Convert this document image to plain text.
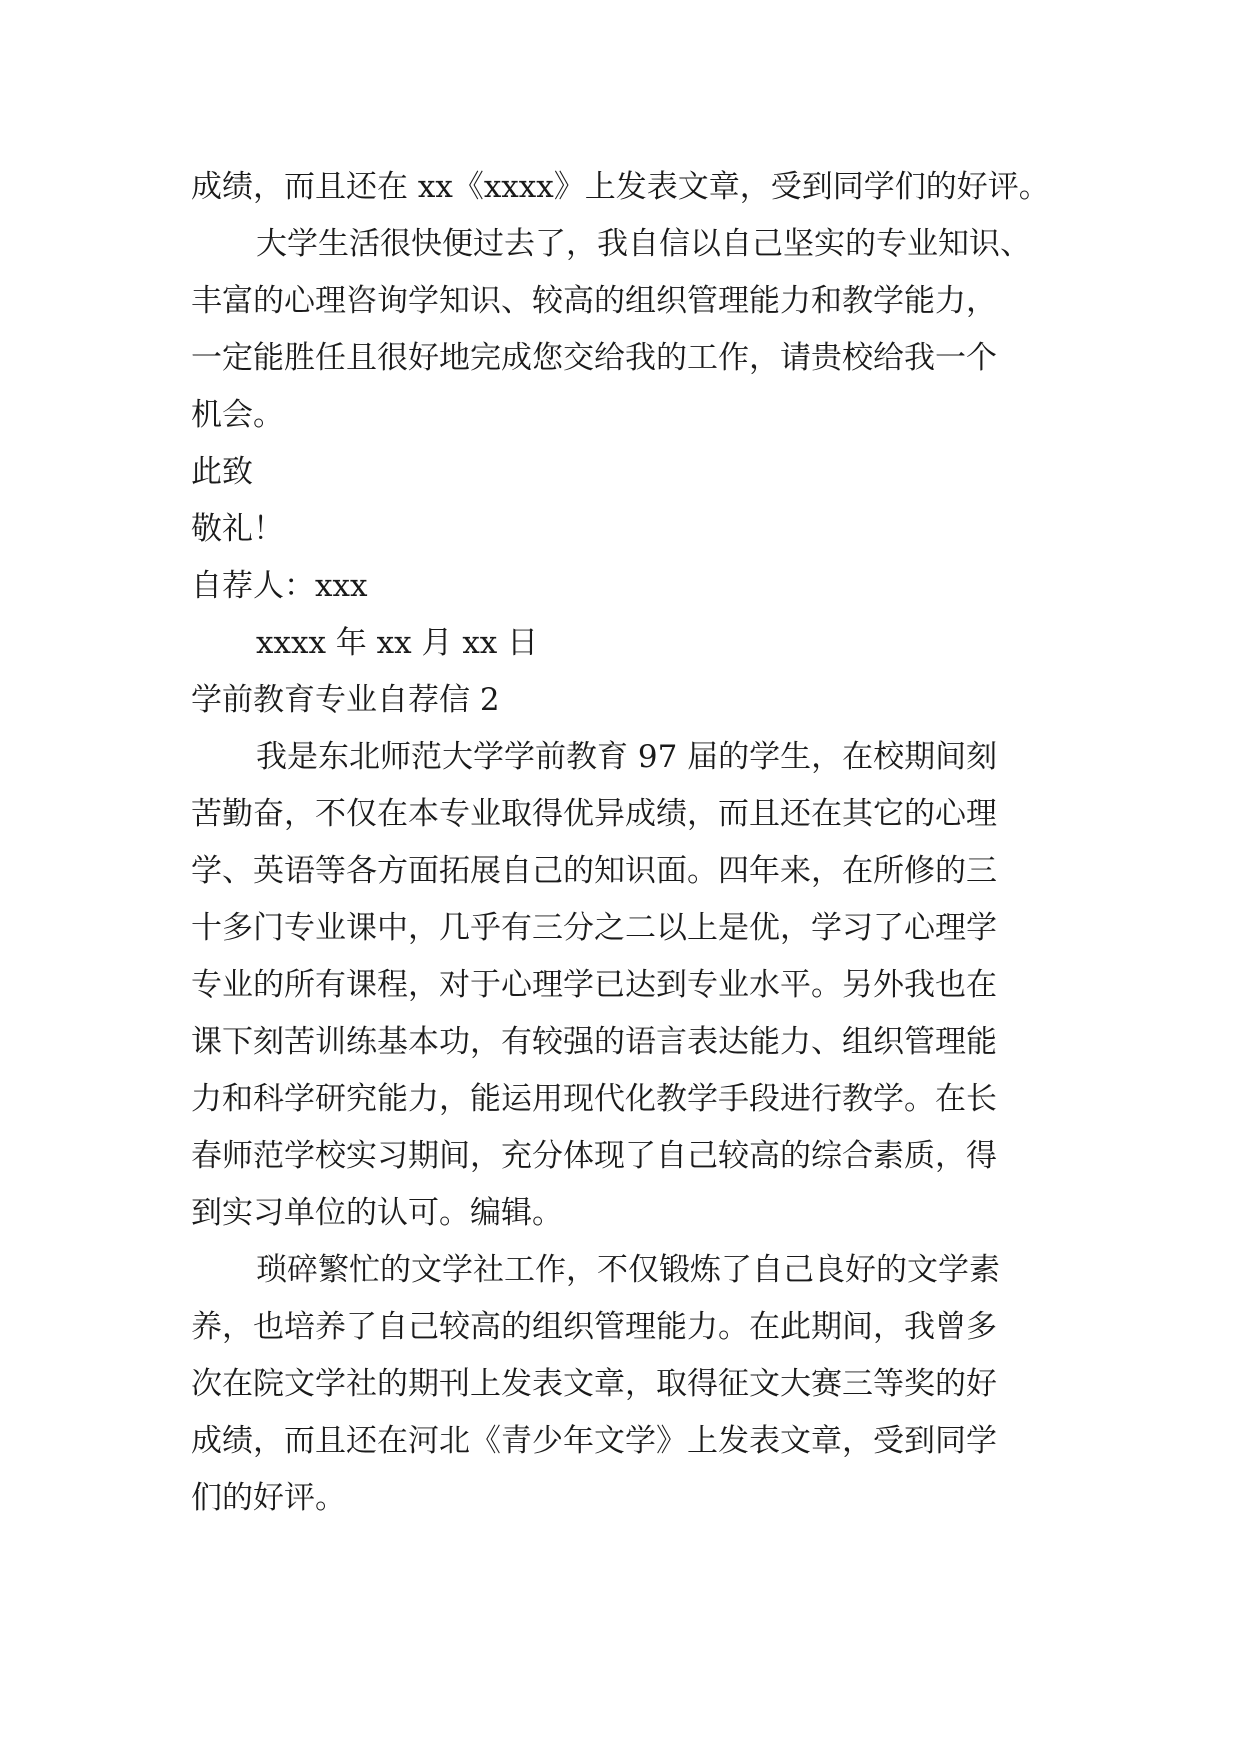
成绩，而且还在 xx《xxxx》上发表文章，受到同学们的好评。
大学生活很快便过去了，我自信以自己坚实的专业知识、
丰富的心理咨询学知识、较高的组织管理能力和教学能力，
一定能胜任且很好地完成您交给我的工作，请贵校给我一个
机会。
此致
敬礼！
自荐人：xxx
xxxx 年 xx 月 xx 日
学前教育专业自荐信 2
我是东北师范大学学前教育 97 届的学生，在校期间刻
苦勤奋，不仅在本专业取得优异成绩，而且还在其它的心理
学、英语等各方面拓展自己的知识面。四年来，在所修的三
十多门专业课中，几乎有三分之二以上是优，学习了心理学
专业的所有课程，对于心理学已达到专业水平。另外我也在
课下刻苦训练基本功，有较强的语言表达能力、组织管理能
力和科学研究能力，能运用现代化教学手段进行教学。在长
春师范学校实习期间，充分体现了自己较高的综合素质，得
到实习单位的认可。编辑。
琐碎繁忙的文学社工作，不仅锻炼了自己良好的文学素
养，也培养了自己较高的组织管理能力。在此期间，我曾多
次在院文学社的期刊上发表文章，取得征文大赛三等奖的好
成绩，而且还在河北《青少年文学》上发表文章，受到同学
们的好评。
